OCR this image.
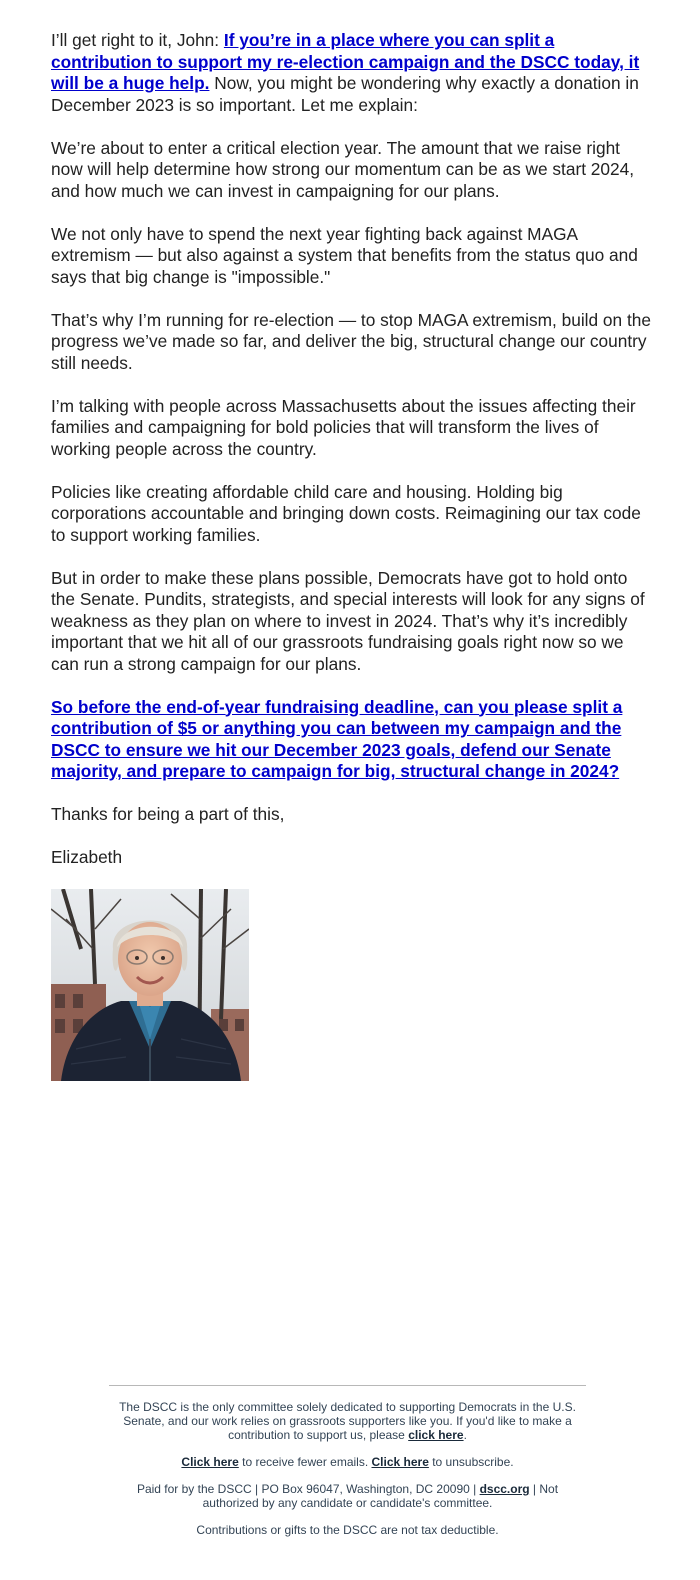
I’ll get right to it, John: If you’re in a place where you can split a contribution to support my re-election campaign and the DSCC today, it will be a huge help. Now, you might be wondering why exactly a donation in December 2023 is so important. Let me explain:

We’re about to enter a critical election year. The amount that we raise right now will help determine how strong our momentum can be as we start 2024, and how much we can invest in campaigning for our plans.

We not only have to spend the next year fighting back against MAGA extremism — but also against a system that benefits from the status quo and says that big change is "impossible."

That’s why I’m running for re-election — to stop MAGA extremism, build on the progress we’ve made so far, and deliver the big, structural change our country still needs.

I’m talking with people across Massachusetts about the issues affecting their families and campaigning for bold policies that will transform the lives of working people across the country.

Policies like creating affordable child care and housing. Holding big corporations accountable and bringing down costs. Reimagining our tax code to support working families.

But in order to make these plans possible, Democrats have got to hold onto the Senate. Pundits, strategists, and special interests will look for any signs of weakness as they plan on where to invest in 2024. That’s why it’s incredibly important that we hit all of our grassroots fundraising goals right now so we can run a strong campaign for our plans.

So before the end-of-year fundraising deadline, can you please split a contribution of $5 or anything you can between my campaign and the DSCC to ensure we hit our December 2023 goals, defend our Senate majority, and prepare to campaign for big, structural change in 2024?

Thanks for being a part of this,

Elizabeth

The DSCC is the only committee solely dedicated to supporting Democrats in the U.S. Senate, and our work relies on grassroots supporters like you. If you'd like to make a contribution to support us, please click here.

Click here to receive fewer emails. Click here to unsubscribe.

Paid for by the DSCC | PO Box 96047, Washington, DC 20090 | dscc.org | Not authorized by any candidate or candidate's committee.

Contributions or gifts to the DSCC are not tax deductible.
